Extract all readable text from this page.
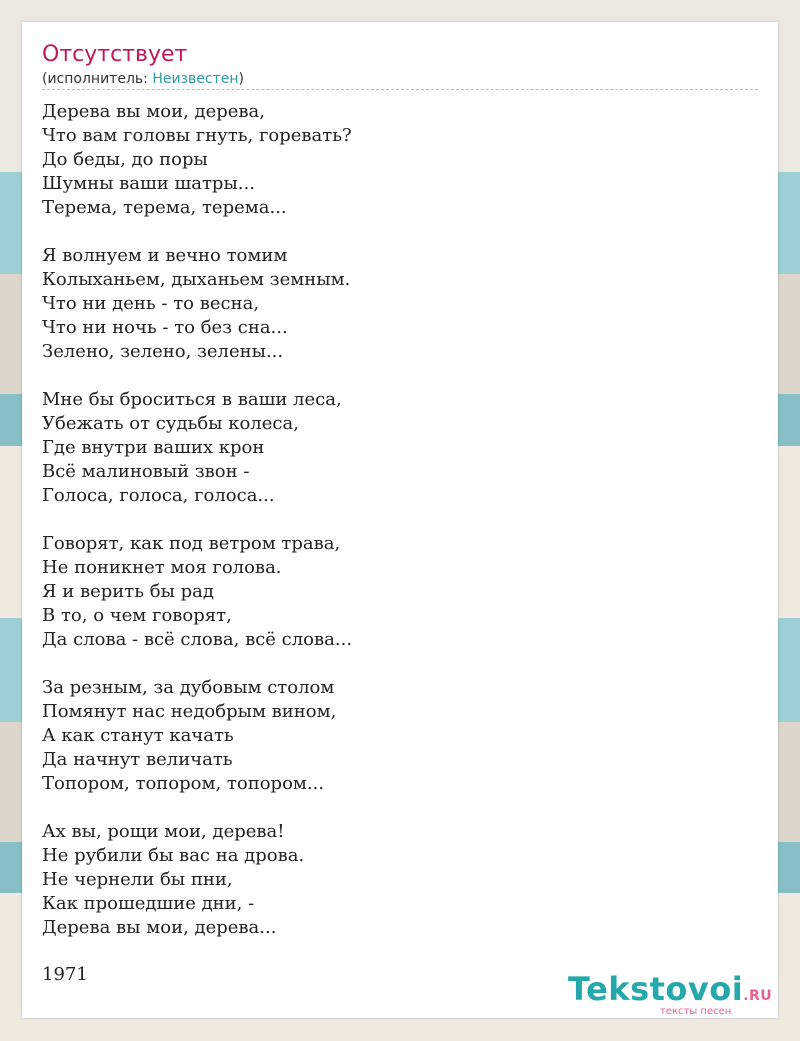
Отсутствует
(исполнитель: Неизвестен)
Дерева вы мои, дерева,
Что вам головы гнуть, горевать?
До беды, до поры
Шумны ваши шатры...
Терема, терема, терема...
Я волнуем и вечно томим
Колыханьем, дыханьем земным.
Что ни день - то весна,
Что ни ночь - то без сна...
Зелено, зелено, зелены...
Мне бы броситься в ваши леса,
Убежать от судьбы колеса,
Где внутри ваших крон
Всё малиновый звон -
Голоса, голоса, голоса...
Говорят, как под ветром трава,
Не поникнет моя голова.
Я и верить бы рад
В то, о чем говорят,
Да слова - всё слова, всё слова...
За резным, за дубовым столом
Помянут нас недобрым вином,
А как станут качать
Да начнут величать
Топором, топором, топором...
Ах вы, рощи мои, дерева!
Не рубили бы вас на дрова.
Не чернели бы пни,
Как прошедшие дни, -
Дерева вы мои, дерева...
1971	Tekstovoi.RU
тексты песен
